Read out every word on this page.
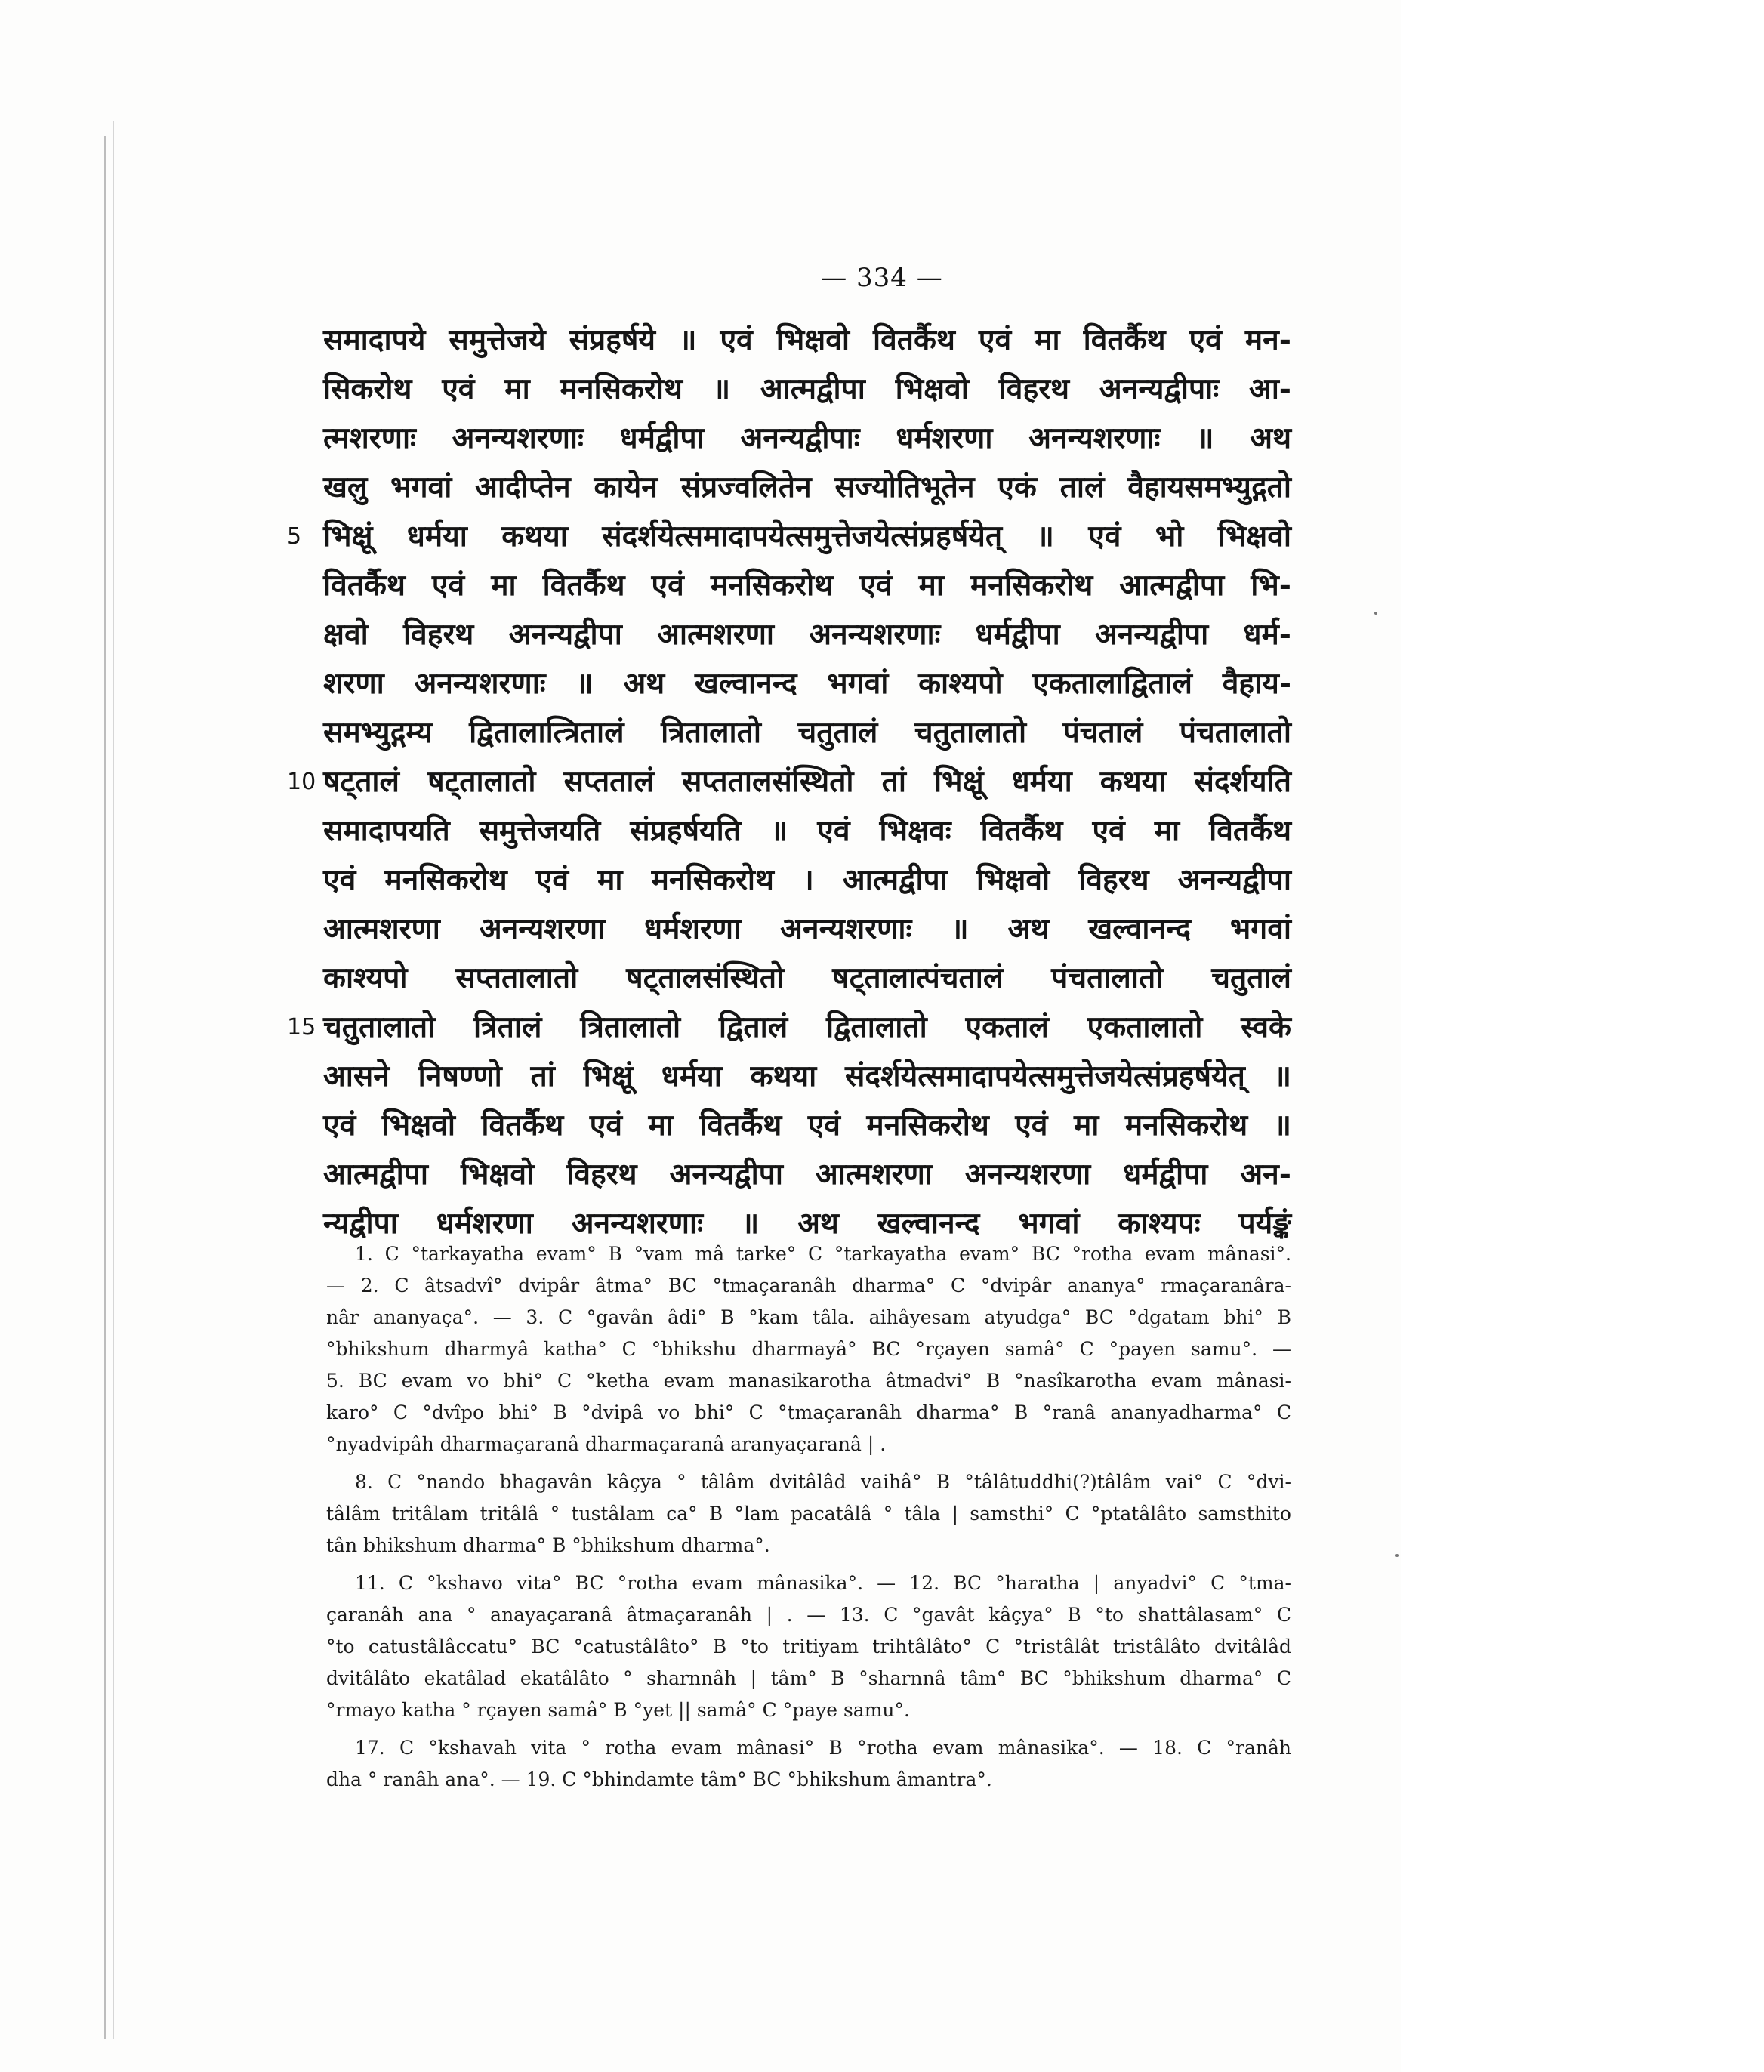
— 334 —
समादापये समुत्तेजये संप्रहर्षये ॥ एवं भिक्षवो वितर्कैथ एवं मा वितर्कैथ एवं मन-
सिकरोथ एवं मा मनसिकरोथ ॥ आत्मद्वीपा भिक्षवो विहरथ अनन्यद्वीपाः आ-
त्मशरणाः अनन्यशरणाः धर्मद्वीपा अनन्यद्वीपाः धर्मशरणा अनन्यशरणाः ॥ अथ
खलु भगवां आदीप्तेन कायेन संप्रज्वलितेन सज्योतिभूतेन एकं तालं वैहायसमभ्युद्गतो
5 भिक्षूं धर्मया कथया संदर्शयेत्समादापयेत्समुत्तेजयेत्संप्रहर्षयेत् ॥ एवं भो भिक्षवो
वितर्कैथ एवं मा वितर्कैथ एवं मनसिकरोथ एवं मा मनसिकरोथ आत्मद्वीपा भि-
क्षवो विहरथ अनन्यद्वीपा आत्मशरणा अनन्यशरणाः धर्मद्वीपा अनन्यद्वीपा धर्म-
शरणा अनन्यशरणाः ॥ अथ खल्वानन्द भगवां काश्यपो एकतालाद्वितालं वैहाय-
समभ्युद्गम्य द्वितालात्त्रितालं त्रितालातो चतुतालं चतुतालातो पंचतालं पंचतालातो
10 षट्तालं षट्तालातो सप्ततालं सप्ततालसंस्थितो तां भिक्षूं धर्मया कथया संदर्शयति
समादापयति समुत्तेजयति संप्रहर्षयति ॥ एवं भिक्षवः वितर्कैथ एवं मा वितर्कैथ
एवं मनसिकरोथ एवं मा मनसिकरोथ । आत्मद्वीपा भिक्षवो विहरथ अनन्यद्वीपा
आत्मशरणा अनन्यशरणा धर्मशरणा अनन्यशरणाः ॥ अथ खल्वानन्द भगवां
काश्यपो सप्ततालातो षट्तालसंस्थितो षट्तालात्पंचतालं पंचतालातो चतुतालं
15 चतुतालातो त्रितालं त्रितालातो द्वितालं द्वितालातो एकतालं एकतालातो स्वके
आसने निषण्णो तां भिक्षूं धर्मया कथया संदर्शयेत्समादापयेत्समुत्तेजयेत्संप्रहर्षयेत् ॥
एवं भिक्षवो वितर्कैथ एवं मा वितर्कैथ एवं मनसिकरोथ एवं मा मनसिकरोथ ॥
आत्मद्वीपा भिक्षवो विहरथ अनन्यद्वीपा आत्मशरणा अनन्यशरणा धर्मद्वीपा अन-
न्यद्वीपा धर्मशरणा अनन्यशरणाः ॥ अथ खल्वानन्द भगवां काश्यपः पर्यङ्कं
1. C °tarkayatha evam° B °vam mâ tarke° C °tarkayatha evam° BC °rotha evam mânasi°.
— 2. C âtsadvî° dvipâr âtma° BC °tmaçaranâh dharma° C °dvipâr ananya° rmaçaranâra-
nâr ananyaça°. — 3. C °gavân âdi° B °kam tâla. aihâyesam atyudga° BC °dgatam bhi° B
°bhikshum dharmyâ katha° C °bhikshu dharmayâ° BC °rçayen samâ° C °payen samu°. —
5. BC evam vo bhi° C °ketha evam manasikarotha âtmadvi° B °nasîkarotha evam mânasi-
karo° C °dvîpo bhi° B °dvipâ vo bhi° C °tmaçaranâh dharma° B °ranâ ananyadharma° C
°nyadvipâh dharmaçaranâ dharmaçaranâ aranyaçaranâ | .
8. C °nando bhagavân kâçya ° tâlâm dvitâlâd vaihâ° B °tâlâtuddhi(?)tâlâm vai° C °dvi-
tâlâm tritâlam tritâlâ ° tustâlam ca° B °lam pacatâlâ ° tâla | samsthi° C °ptatâlâto samsthito
tân bhikshum dharma° B °bhikshum dharma°.
11. C °kshavo vita° BC °rotha evam mânasika°. — 12. BC °haratha | anyadvi° C °tma-
çaranâh ana ° anayaçaranâ âtmaçaranâh | . — 13. C °gavât kâçya° B °to shattâlasam° C
°to catustâlâccatu° BC °catustâlâto° B °to tritiyam trihtâlâto° C °tristâlât tristâlâto dvitâlâd
dvitâlâto ekatâlad ekatâlâto ° sharnnâh | tâm° B °sharnnâ tâm° BC °bhikshum dharma° C
°rmayo katha ° rçayen samâ° B °yet || samâ° C °paye samu°.
17. C °kshavah vita ° rotha evam mânasi° B °rotha evam mânasika°. — 18. C °ranâh
dha ° ranâh ana°. — 19. C °bhindamte tâm° BC °bhikshum âmantra°.
